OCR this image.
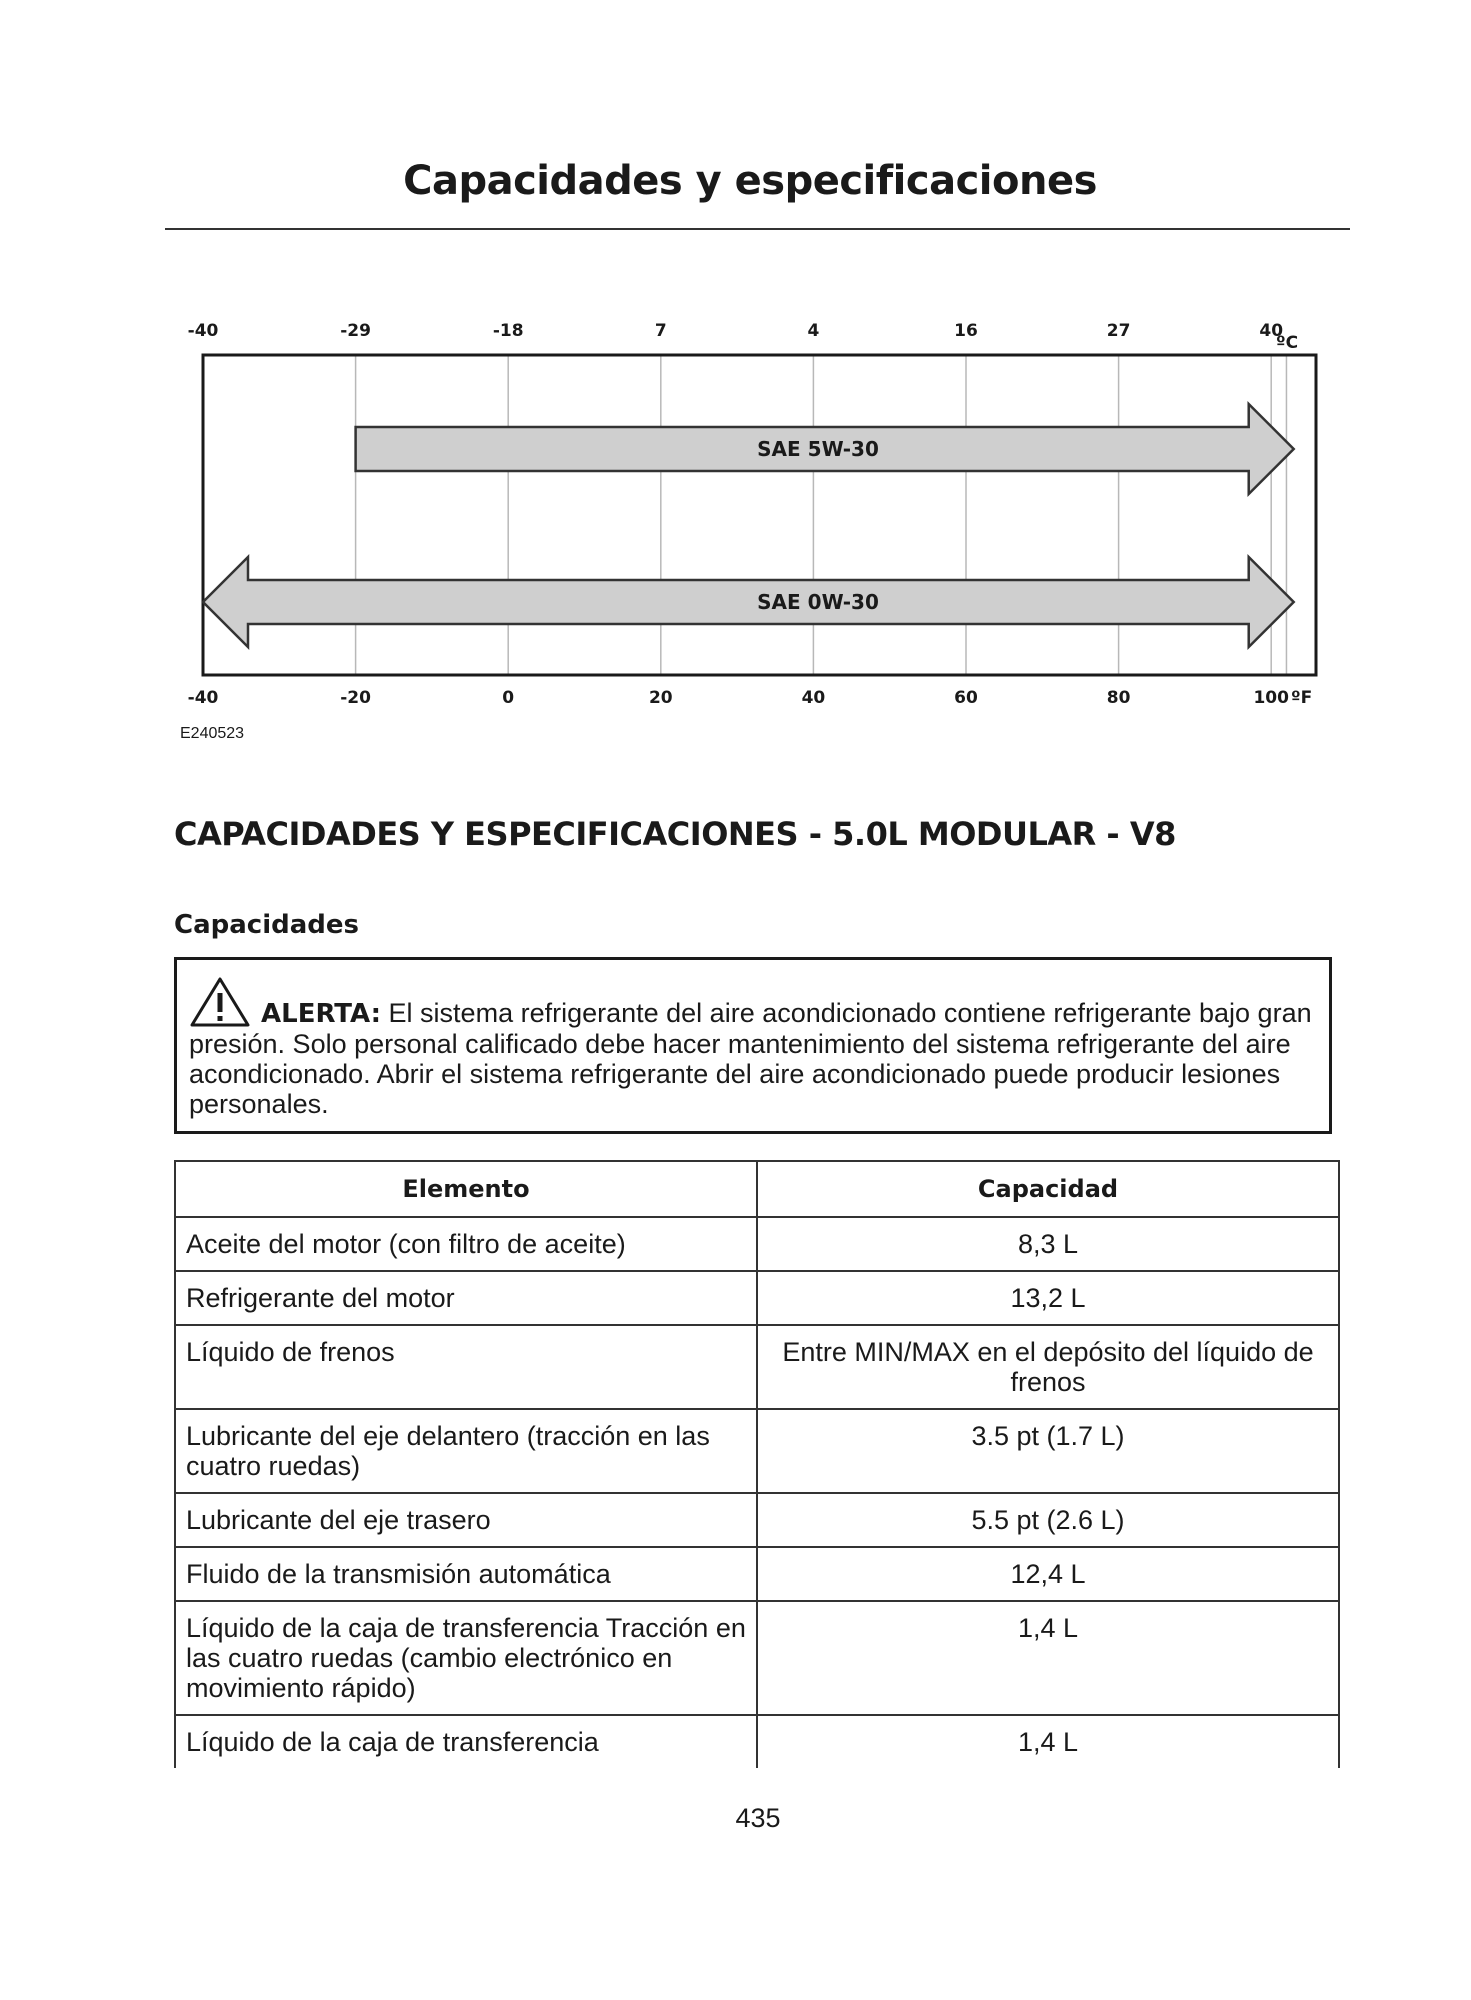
Capacidades y especificaciones
SAE 5W-30
SAE 0W-30
-40	-29	-18	7	4	16	27	40
-40	-20	0	20	40	60	80	100
ºC
ºF
E240523
CAPACIDADES Y ESPECIFICACIONES - 5.0L MODULAR - V8
Capacidades

ALERTA: El sistema refrigerante del aire acondicionado contiene refrigerante bajo gran presión. Solo personal calificado debe hacer mantenimiento del sistema refrigerante del aire acondicionado. Abrir el sistema refrigerante del aire acondicionado puede producir lesiones personales.

Elemento	Capacidad
Aceite del motor (con filtro de aceite)	8,3 L
Refrigerante del motor	13,2 L
Líquido de frenos	Entre MIN/MAX en el depósito del líquido de frenos
Lubricante del eje delantero (tracción en las cuatro ruedas)	3.5 pt (1.7 L)
Lubricante del eje trasero	5.5 pt (2.6 L)
Fluido de la transmisión automática	12,4 L
Líquido de la caja de transferencia Tracción en las cuatro ruedas (cambio electrónico en movimiento rápido)	1,4 L
Líquido de la caja de transferencia	1,4 L
435
